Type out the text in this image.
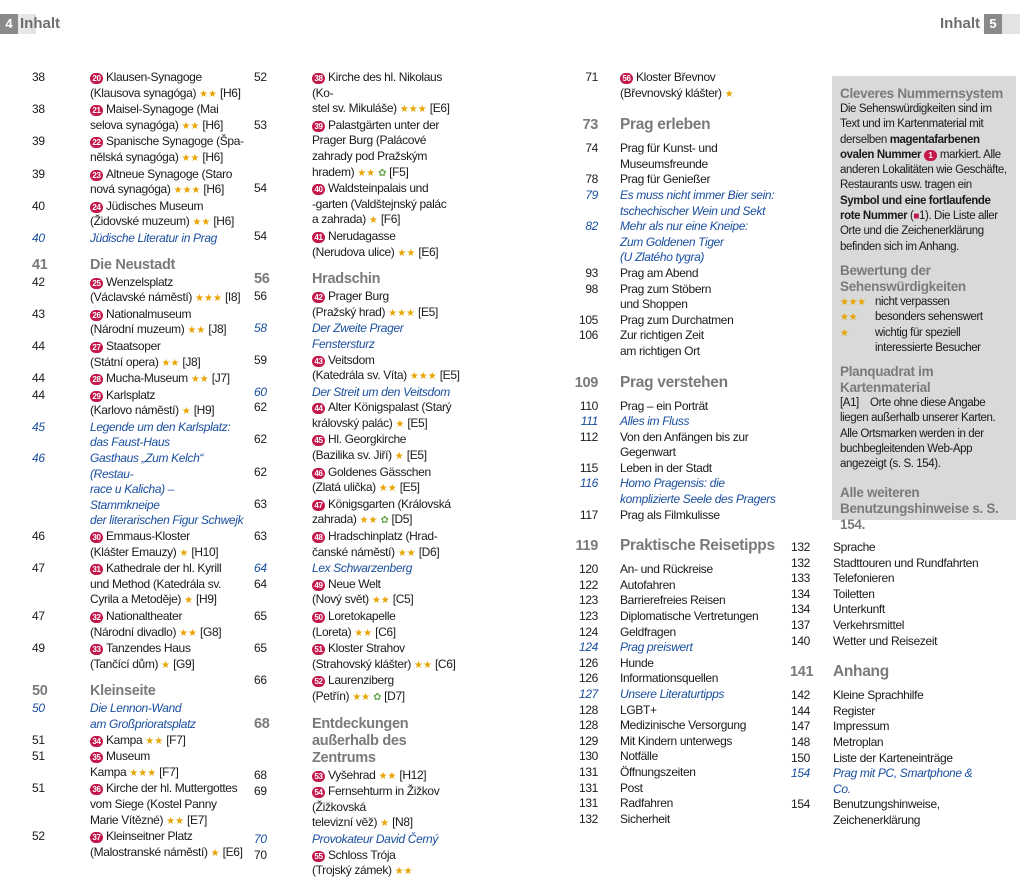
4 Inhalt	Inhalt 5
38	20 Klausen-Synagoge
(Klausova synagóga) ★★ [H6]
38	21 Maisel-Synagoge (Mai
selova synagóga) ★★ [H6]
39	22 Spanische Synagoge (Špa-
nělská synagóga) ★★ [H6]
39	23 Altneue Synagoge (Staro
nová synagóga) ★★★ [H6]
40	24 Jüdisches Museum
(Židovské muzeum) ★★ [H6]
40	Jüdische Literatur in Prag
41	Die Neustadt
42	25 Wenzelsplatz
(Václavské náměstí) ★★★ [I8]
43	26 Nationalmuseum
(Národní muzeum) ★★ [J8]
44	27 Staatsoper
(Státní opera) ★★ [J8]
44	28 Mucha-Museum ★★ [J7]
44	29 Karlsplatz
(Karlovo náměstí) ★ [H9]
45	Legende um den Karlsplatz:
das Faust-Haus
46	Gasthaus „Zum Kelch“ (Restau-
race u Kalicha) – Stammkneipe
der literarischen Figur Schwejk
46	30 Emmaus-Kloster
(Klášter Emauzy) ★ [H10]
47	31 Kathedrale der hl. Kyrill
und Method (Katedrála sv.
Cyrila a Metoděje) ★ [H9]
47	32 Nationaltheater
(Národní divadlo) ★★ [G8]
49	33 Tanzendes Haus
(Tančící dům) ★ [G9]
50	Kleinseite
50	Die Lennon-Wand
am Großprioratsplatz
51	34 Kampa ★★ [F7]
51	35 Museum
Kampa ★★★ [F7]
51	36 Kirche der hl. Muttergottes
vom Siege (Kostel Panny
Marie Vítězné) ★★ [E7]
52	37 Kleinseitner Platz
(Malostranské náměstí) ★ [E6]
52	38 Kirche des hl. Nikolaus (Ko-
stel sv. Mikuláše) ★★★ [E6]
53	39 Palastgärten unter der
Prager Burg (Palácové
zahrady pod Pražským
hradem) ★★ ✿ [F5]
54	40 Waldsteinpalais und
-garten (Valdštejnský palác
a zahrada) ★ [F6]
54	41 Nerudagasse
(Nerudova ulice) ★★ [E6]
56	Hradschin
56	42 Prager Burg
(Pražský hrad) ★★★ [E5]
58	Der Zweite Prager Fenstersturz
59	43 Veitsdom
(Katedrála sv. Víta) ★★★ [E5]
60	Der Streit um den Veitsdom
62	44 Alter Königspalast (Starý
královský palác) ★ [E5]
62	45 Hl. Georgkirche
(Bazilika sv. Jiří) ★ [E5]
62	46 Goldenes Gässchen
(Zlatá ulička) ★★ [E5]
63	47 Königsgarten (Královská
zahrada) ★★ ✿ [D5]
63	48 Hradschinplatz (Hrad-
čanské náměstí) ★★ [D6]
64	Lex Schwarzenberg
64	49 Neue Welt
(Nový svět) ★★ [C5]
65	50 Loretokapelle
(Loreta) ★★ [C6]
65	51 Kloster Strahov
(Strahovský klášter) ★★ [C6]
66	52 Laurenziberg
(Petřín) ★★ ✿ [D7]
68	Entdeckungen
außerhalb des Zentrums
68	53 Vyšehrad ★★ [H12]
69	54 Fernsehturm in Žižkov
(Žižkovská
televizní věž) ★ [N8]
70	Provokateur David Černý
70	55 Schloss Trója
(Trojský zámek) ★★
71	56 Kloster Břevnov
(Břevnovský klášter) ★
73	Prag erleben
74	Prag für Kunst- und Museumsfreunde
78	Prag für Genießer
79	Es muss nicht immer Bier sein:
tschechischer Wein und Sekt
82	Mehr als nur eine Kneipe:
Zum Goldenen Tiger
(U Zlatého tygra)
93	Prag am Abend
98	Prag zum Stöbern
und Shoppen
105	Prag zum Durchatmen
106	Zur richtigen Zeit
am richtigen Ort
109	Prag verstehen
110	Prag – ein Porträt
111	Alles im Fluss
112	Von den Anfängen bis zur Gegenwart
115	Leben in der Stadt
116	Homo Pragensis: die
komplizierte Seele des Pragers
117	Prag als Filmkulisse
119	Praktische Reisetipps
120	An- und Rückreise
122	Autofahren
123	Barrierefreies Reisen
123	Diplomatische Vertretungen
124	Geldfragen
124	Prag preiswert
126	Hunde
126	Informationsquellen
127	Unsere Literaturtipps
128	LGBT+
128	Medizinische Versorgung
129	Mit Kindern unterwegs
130	Notfälle
131	Öffnungszeiten
131	Post
131	Radfahren
132	Sicherheit
132	Sprache
132	Stadttouren und Rundfahrten
133	Telefonieren
134	Toiletten
134	Unterkunft
137	Verkehrsmittel
140	Wetter und Reisezeit
141	Anhang
142	Kleine Sprachhilfe
144	Register
147	Impressum
148	Metroplan
150	Liste der Karteneinträge
154	Prag mit PC, Smartphone & Co.
154	Benutzungshinweise,
Zeichenerklärung
Cleveres Nummernsystem

Die Sehenswürdigkeiten sind im Text und im Kartenmaterial mit derselben magentafarbenen ovalen Nummer 1 markiert. Alle anderen Lokalitäten wie Geschäfte, Restaurants usw. tragen ein Symbol und eine fortlaufende rote Nummer (■1). Die Liste aller Orte und die Zeichenerklärung befinden sich im Anhang.

Bewertung der Sehenswürdigkeiten
★★★ nicht verpassen
★★	besonders sehenswert
★	wichtig für speziell interessierte Besucher
Planquadrat im Kartenmaterial

[A1] Orte ohne diese Angabe liegen außerhalb unserer Karten. Alle Ortsmarken werden in der buchbegleitenden Web-App angezeigt (s. S. 154).

Alle weiteren Benutzungshinweise s. S. 154.
